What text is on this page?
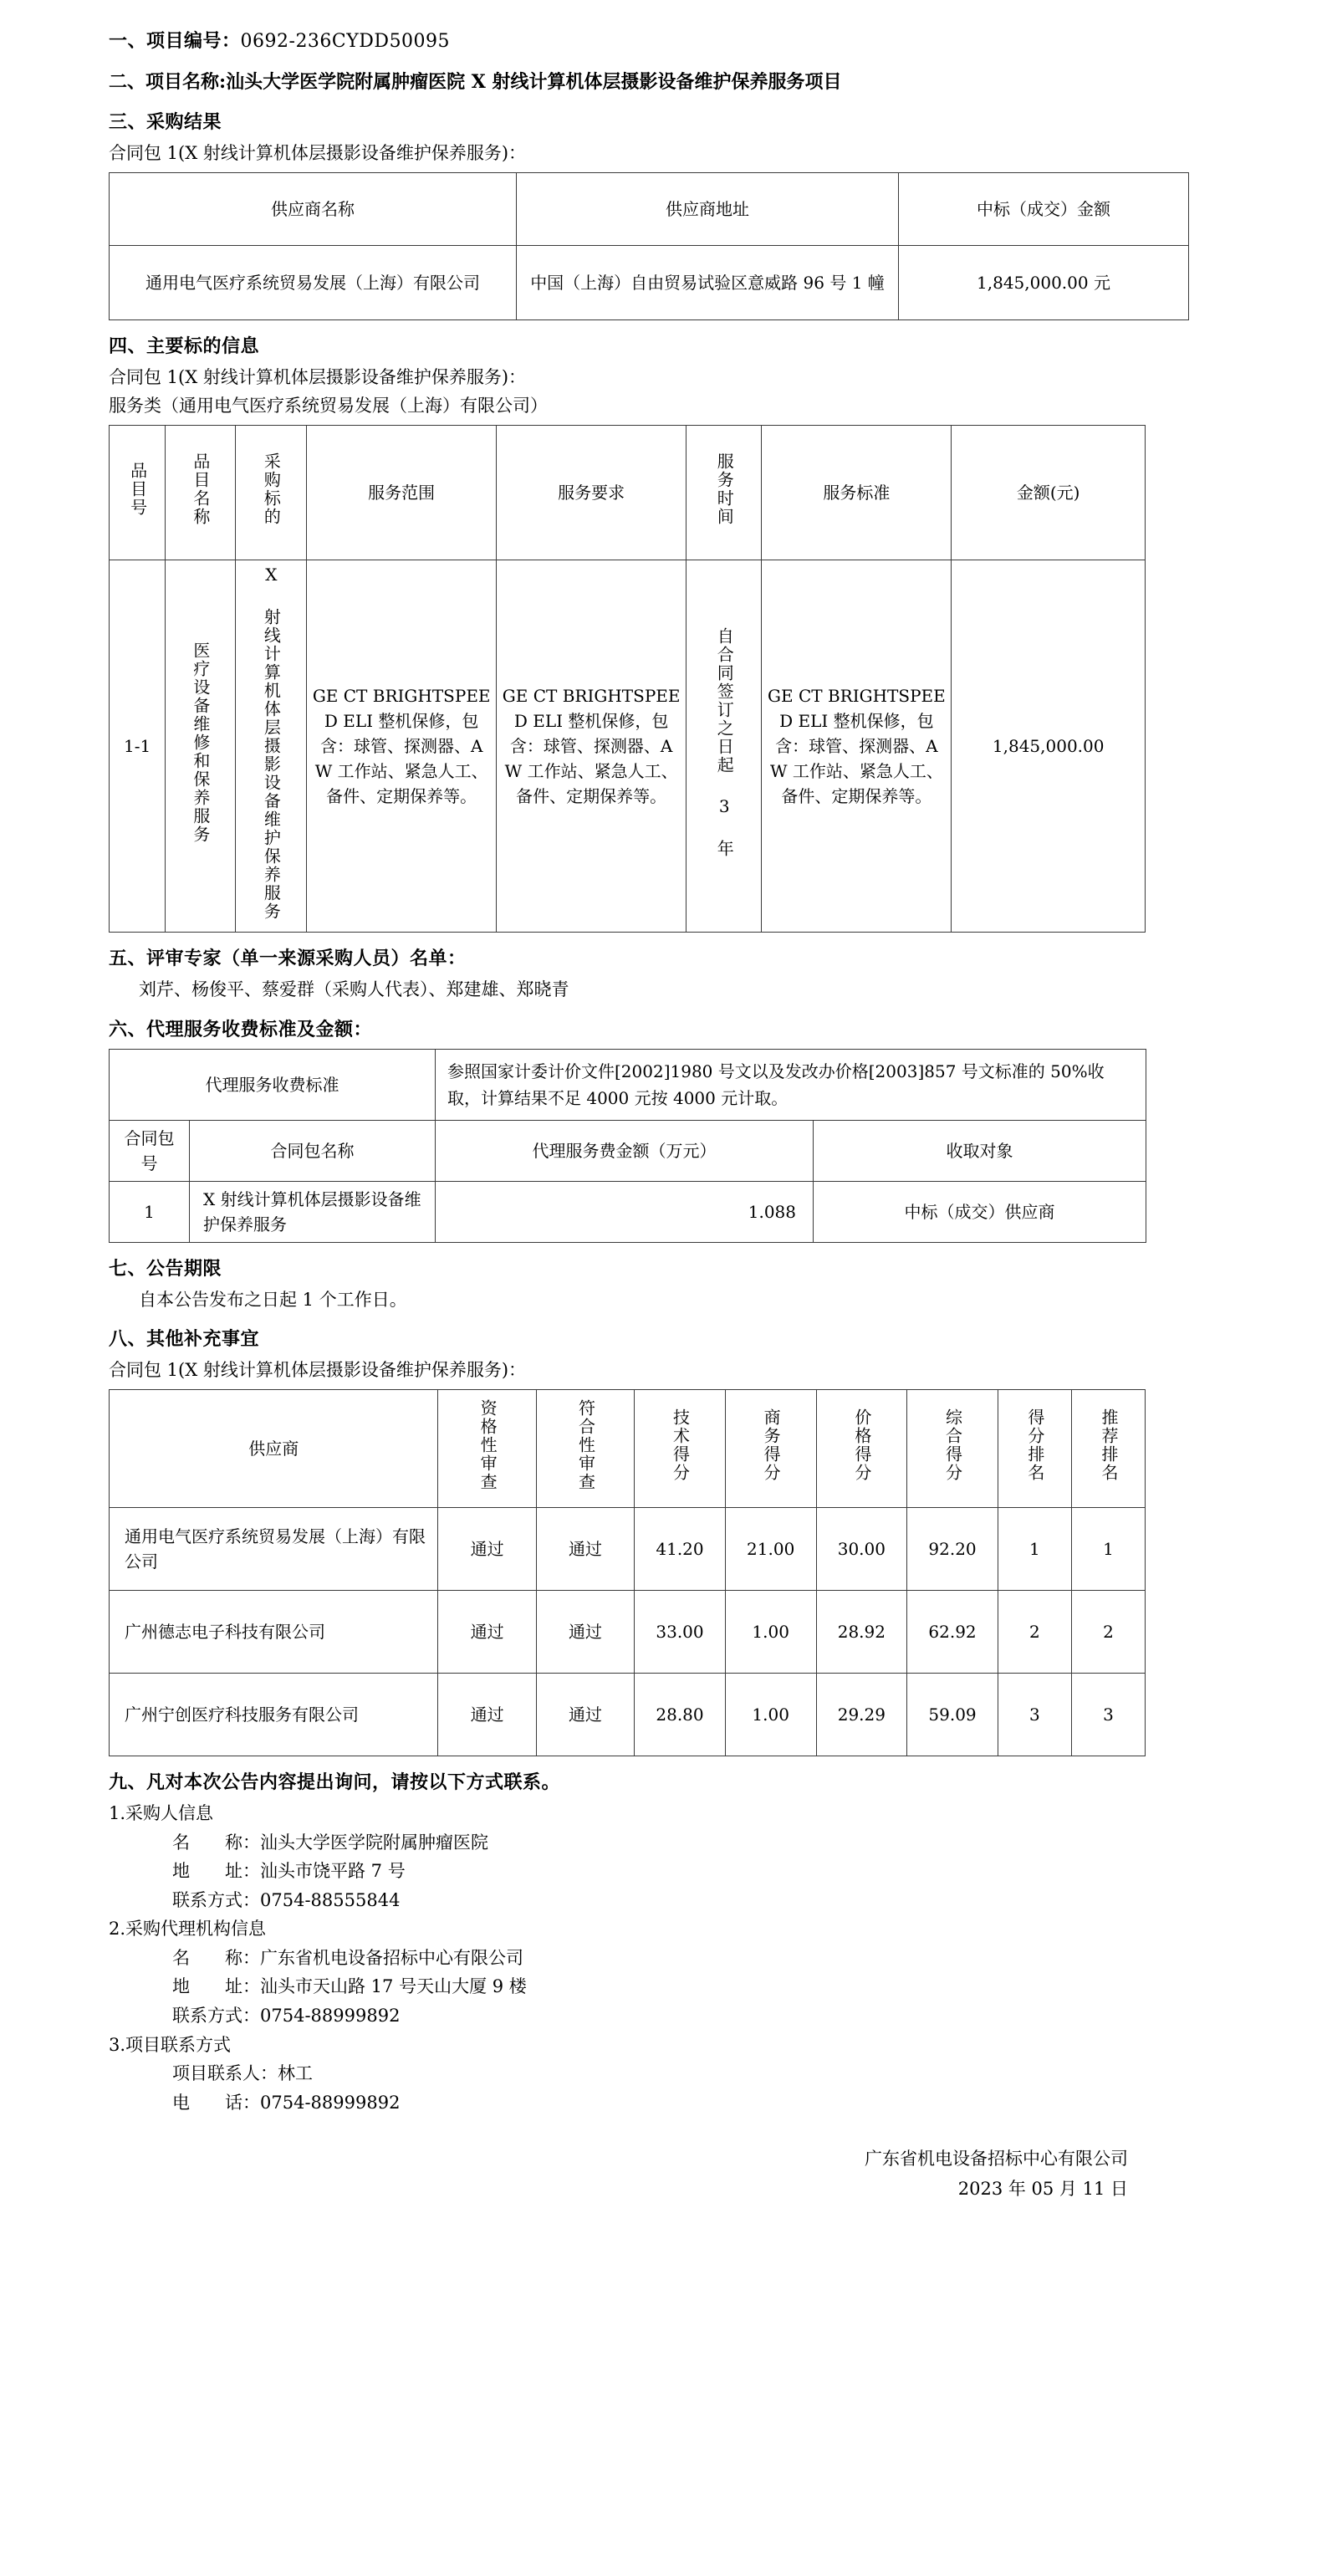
一、项目编号：0692-236CYDD50095
二、项目名称:汕头大学医学院附属肿瘤医院 X 射线计算机体层摄影设备维护保养服务项目
三、采购结果
合同包 1(X 射线计算机体层摄影设备维护保养服务)：
供应商名称	供应商地址	中标（成交）金额
通用电气医疗系统贸易发展（上海）有限公司	中国（上海）自由贸易试验区意威路 96 号 1 幢	1,845,000.00 元
四、主要标的信息
合同包 1(X 射线计算机体层摄影设备维护保养服务)：
服务类（通用电气医疗系统贸易发展（上海）有限公司）
品目号	品目名称	采购标的	服务范围	服务要求	服务时间	服务标准	金额(元)
1-1	医疗设备维修和保养服务	X 射线计算机体层摄影设备维护保养服务	GE CT BRIGHTSPEE D ELI 整机保修，包含：球管、探测器、AW 工作站、紧急人工、备件、定期保养等。	GE CT BRIGHTSPEE D ELI 整机保修，包含：球管、探测器、AW 工作站、紧急人工、备件、定期保养等。	自合同签订之日起 3 年	GE CT BRIGHTSPEE D ELI 整机保修，包含：球管、探测器、AW 工作站、紧急人工、备件、定期保养等。	1,845,000.00
五、评审专家（单一来源采购人员）名单：
刘芹、杨俊平、蔡爱群（采购人代表）、郑建雄、郑晓青
六、代理服务收费标准及金额：
代理服务收费标准		参照国家计委计价文件[2002]1980 号文以及发改办价格[2003]857 号文标准的 50%收取，计算结果不足 4000 元按 4000 元计取。	
合同包号	合同包名称	代理服务费金额（万元）	收取对象
1	X 射线计算机体层摄影设备维护保养服务	1.088	中标（成交）供应商
七、公告期限
自本公告发布之日起 1 个工作日。
八、其他补充事宜
合同包 1(X 射线计算机体层摄影设备维护保养服务)：
供应商	资格性审查	符合性审查	技术得分	商务得分	价格得分	综合得分	得分排名	推荐排名
通用电气医疗系统贸易发展（上海）有限公司	通过	通过	41.20	21.00	30.00	92.20	1	1
广州德志电子科技有限公司	通过	通过	33.00	1.00	28.92	62.92	2	2
广州宁创医疗科技服务有限公司	通过	通过	28.80	1.00	29.29	59.09	3	3
九、凡对本次公告内容提出询问，请按以下方式联系。
1.采购人信息
名　　称：汕头大学医学院附属肿瘤医院
地　　址：汕头市饶平路 7 号
联系方式：0754-88555844
2.采购代理机构信息
名　　称：广东省机电设备招标中心有限公司
地　　址：汕头市天山路 17 号天山大厦 9 楼
联系方式：0754-88999892
3.项目联系方式
项目联系人：林工
电　　话：0754-88999892
广东省机电设备招标中心有限公司
2023 年 05 月 11 日
